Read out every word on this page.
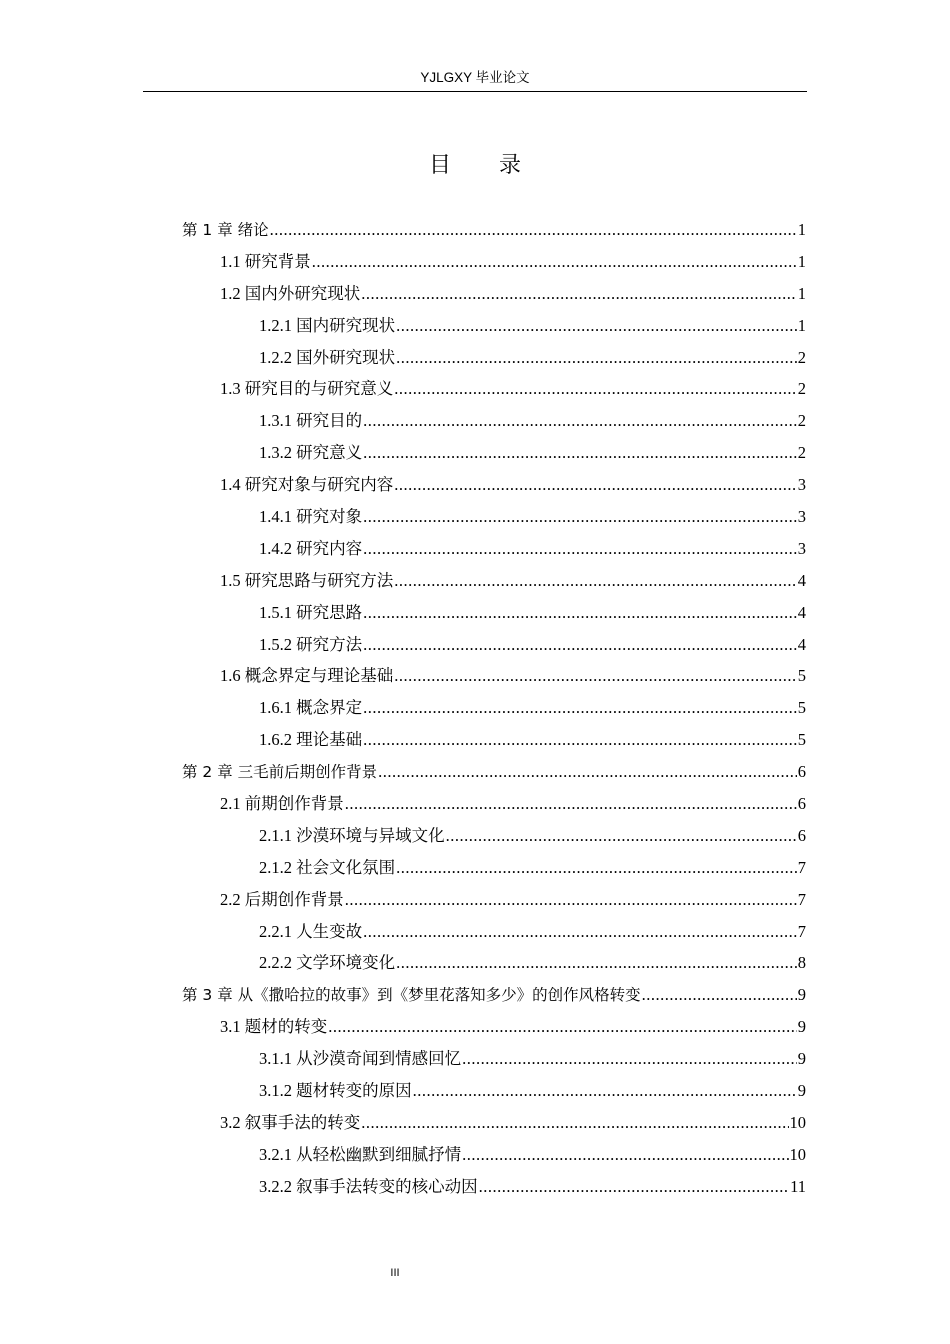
YJLGXY 毕业论文
目录
第 1 章 绪论 .....	1
1.1 研究背景 .....	1
1.2 国内外研究现状 .....	1
1.2.1 国内研究现状 .....	1
1.2.2 国外研究现状 .....	2
1.3 研究目的与研究意义 .....	2
1.3.1 研究目的 .....	2
1.3.2 研究意义 .....	2
1.4 研究对象与研究内容 .....	3
1.4.1 研究对象 .....	3
1.4.2 研究内容 .....	3
1.5 研究思路与研究方法 .....	4
1.5.1 研究思路 .....	4
1.5.2 研究方法 .....	4
1.6 概念界定与理论基础 .....	5
1.6.1 概念界定 .....	5
1.6.2 理论基础 .....	5
第 2 章 三毛前后期创作背景 .....	6
2.1 前期创作背景 .....	6
2.1.1 沙漠环境与异域文化 .....	6
2.1.2 社会文化氛围 .....	7
2.2 后期创作背景 .....	7
2.2.1 人生变故 .....	7
2.2.2 文学环境变化 .....	8
第 3 章 从《撒哈拉的故事》到《梦里花落知多少》的创作风格转变 .....	9
3.1 题材的转变 .....	9
3.1.1 从沙漠奇闻到情感回忆 .....	9
3.1.2 题材转变的原因 .....	9
3.2 叙事手法的转变 .....	10
3.2.1 从轻松幽默到细腻抒情 .....	10
3.2.2 叙事手法转变的核心动因 .....	11
III
